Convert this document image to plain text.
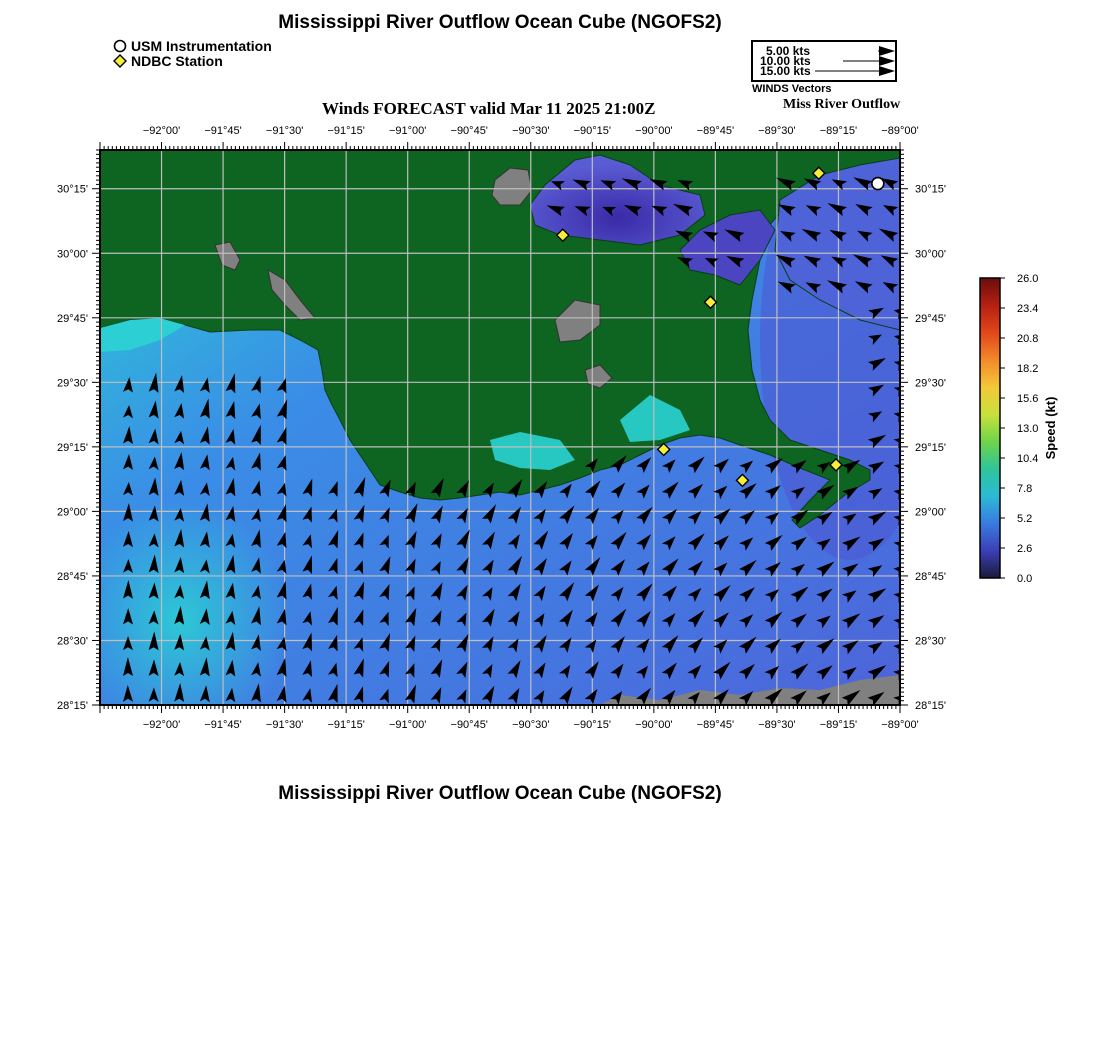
Mississippi River Outflow Ocean Cube (NGOFS2)
Mississippi River Outflow Ocean Cube (NGOFS2)
USM Instrumentation
NDBC Station
5.00 kts
10.00 kts
15.00 kts
WINDS Vectors
Miss River Outflow
Winds FORECAST valid Mar 11 2025 21:00Z
−92°00' −91°45' −91°30' −91°15' −91°00' −90°45' −90°30' −90°15' −90°00' −89°45' −89°30' −89°15' −89°00'
−92°00' −91°45' −91°30' −91°15' −91°00' −90°45' −90°30' −90°15' −90°00' −89°45' −89°30' −89°15' −89°00'
30°15'
30°00'
29°45'
29°30'
29°15'
29°00'
28°45'
28°30'
28°15'
30°15'
30°00'
29°45'
29°30'
29°15'
29°00'
28°45'
28°30'
28°15'
26.0
23.4
20.8
18.2
15.6
13.0
10.4
7.8
5.2
2.6
0.0
Speed (kt)
